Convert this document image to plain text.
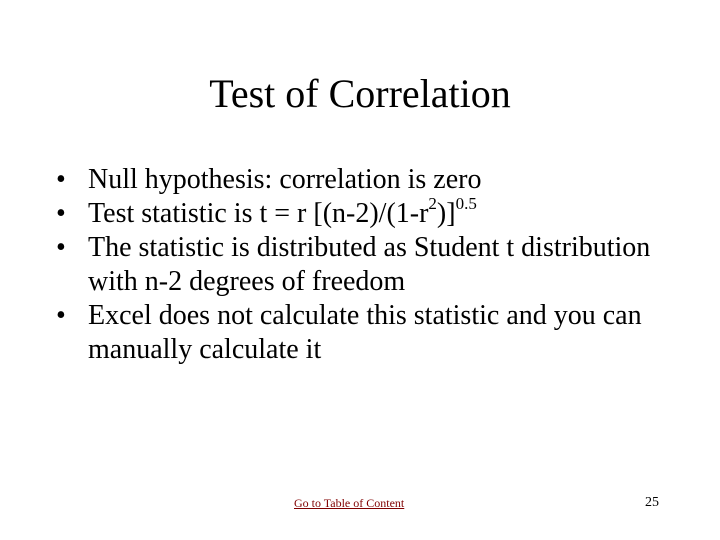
Test of Correlation
• Null hypothesis: correlation is zero
• Test statistic is t = r $[(n-2)/(1-r^2)]^{0.5}$
• The statistic is distributed as Student t distribution with n-2 degrees of freedom
• Excel does not calculate this statistic and you can manually calculate it
Go to Table of Content	25
